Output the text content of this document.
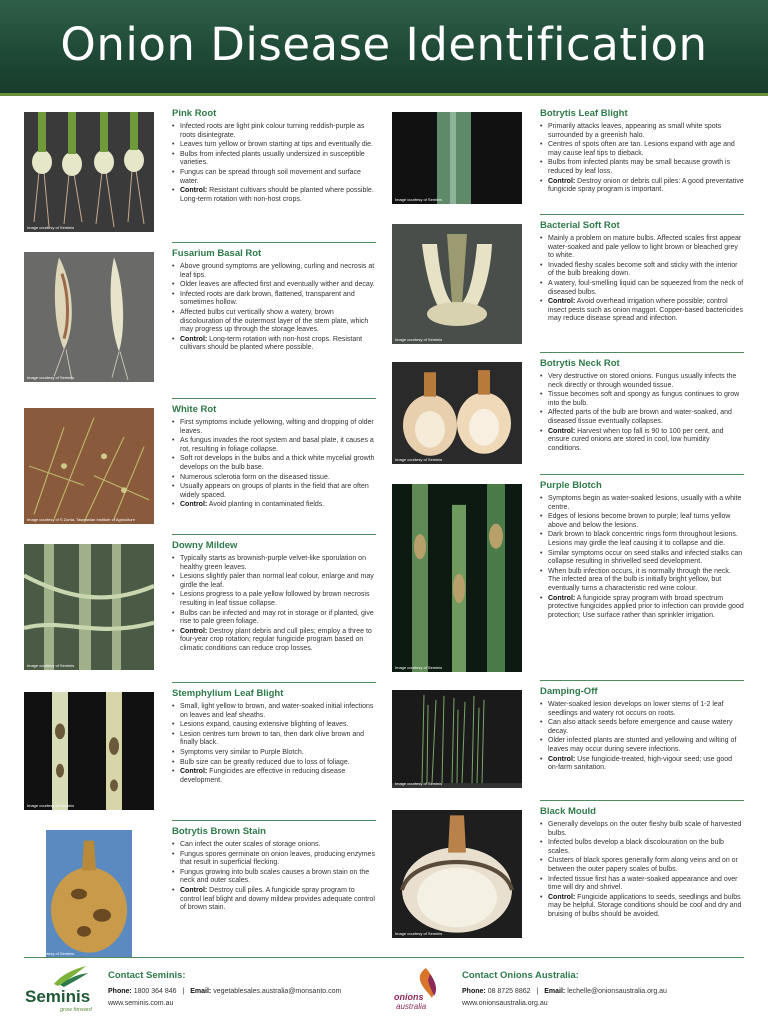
Onion Disease Identification
Image courtesy of Seminis
Pink Root
• Infected roots are light pink colour turning reddish-purple as roots disintegrate.
• Leaves turn yellow or brown starting at tips and eventually die.
• Bulbs from infected plants usually undersized in susceptible varieties.
• Fungus can be spread through soil movement and surface water.
• Control: Resistant cultivars should be planted where possible. Long-term rotation with non-host crops.
Image courtesy of Seminis
Fusarium Basal Rot
• Above ground symptoms are yellowing, curling and necrosis at leaf tips.
• Older leaves are affected first and eventually wither and decay.
• Infected roots are dark brown, flattened, transparent and sometimes hollow.
• Affected bulbs cut vertically show a watery, brown discolouration of the outermost layer of the stem plate, which may progress up through the storage leaves.
• Control: Long-term rotation with non-host crops. Resistant cultivars should be planted where possible.
Image courtesy of S Zonta, Tasmanian Institute of Agriculture
White Rot
• First symptoms include yellowing, wilting and dropping of older leaves.
• As fungus invades the root system and basal plate, it causes a rot, resulting in foliage collapse.
• Soft rot develops in the bulbs and a thick white mycelial growth develops on the bulb base.
• Numerous sclerotia form on the diseased tissue.
• Usually appears on groups of plants in the field that are often widely spaced.
• Control: Avoid planting in contaminated fields.
Image courtesy of Seminis
Downy Mildew
• Typically starts as brownish-purple velvet-like sporulation on healthy green leaves.
• Lesions slightly paler than normal leaf colour, enlarge and may girdle the leaf.
• Lesions progress to a pale yellow followed by brown necrosis resulting in leaf tissue collapse.
• Bulbs can be infected and may rot in storage or if planted, give rise to pale green foliage.
• Control: Destroy plant debris and cull piles; employ a three to four-year crop rotation; regular fungicide program based on climatic conditions can reduce crop losses.
Image courtesy of Seminis
Stemphylium Leaf Blight
• Small, light yellow to brown, and water-soaked initial infections on leaves and leaf sheaths.
• Lesions expand, causing extensive blighting of leaves.
• Lesion centres turn brown to tan, then dark olive brown and finally black.
• Symptoms very similar to Purple Blotch.
• Bulb size can be greatly reduced due to loss of foliage.
• Control: Fungicides are effective in reducing disease development.
Image courtesy of Seminis
Botrytis Brown Stain
• Can infect the outer scales of storage onions.
• Fungus spores germinate on onion leaves, producing enzymes that result in superficial flecking.
• Fungus growing into bulb scales causes a brown stain on the neck and outer scales.
• Control: Destroy cull piles. A fungicide spray program to control leaf blight and downy mildew provides adequate control of brown stain.
Image courtesy of Seminis
Botrytis Leaf Blight
• Primarily attacks leaves, appearing as small white spots surrounded by a greenish halo.
• Centres of spots often are tan. Lesions expand with age and may cause leaf tips to dieback.
• Bulbs from infected plants may be small because growth is reduced by leaf loss.
• Control: Destroy onion or debris cull piles: A good preventative fungicide spray program is important.
Image courtesy of Seminis
Bacterial Soft Rot
• Mainly a problem on mature bulbs. Affected scales first appear water-soaked and pale yellow to light brown or bleached grey to white.
• Invaded fleshy scales become soft and sticky with the interior of the bulb breaking down.
• A watery, foul-smelling liquid can be squeezed from the neck of diseased bulbs.
• Control: Avoid overhead irrigation where possible; control insect pests such as onion maggot. Copper-based bactericides may reduce disease spread and infection.
Image courtesy of Seminis
Botrytis Neck Rot
• Very destructive on stored onions. Fungus usually infects the neck directly or through wounded tissue.
• Tissue becomes soft and spongy as fungus continues to grow into the bulb.
• Affected parts of the bulb are brown and water-soaked, and diseased tissue eventually collapses.
• Control: Harvest when top fall is 90 to 100 per cent, and ensure cured onions are stored in cool, low humidity conditions.
Image courtesy of Seminis
Purple Blotch
• Symptoms begin as water-soaked lesions, usually with a white centre.
• Edges of lesions become brown to purple; leaf turns yellow above and below the lesions.
• Dark brown to black concentric rings form throughout lesions. Lesions may girdle the leaf causing it to collapse and die.
• Similar symptoms occur on seed stalks and infected stalks can collapse resulting in shrivelled seed development.
• When bulb infection occurs, it is normally through the neck. The infected area of the bulb is initially bright yellow, but eventually turns a characteristic red wine colour.
• Control: A fungicide spray program with broad spectrum protective fungicides applied prior to infection can provide good protection; Use surface rather than sprinkler irrigation.
Image courtesy of Seminis
Damping-Off
• Water-soaked lesion develops on lower stems of 1-2 leaf seedlings and watery rot occurs on roots.
• Can also attack seeds before emergence and cause watery decay.
• Older infected plants are stunted and yellowing and wilting of leaves may occur during severe infections.
• Control: Use fungicide-treated, high-vigour seed; use good on-farm sanitation.
Image courtesy of Seminis
Black Mould
• Generally develops on the outer fleshy bulb scale of harvested bulbs.
• Infected bulbs develop a black discolouration on the bulb scales.
• Clusters of black spores generally form along veins and on or between the outer papery scales of bulbs.
• Infected tissue first has a water-soaked appearance and over time will dry and shrivel.
• Control: Fungicide applications to seeds, seedlings and bulbs may be helpful. Storage conditions should be cool and dry and bruising of bulbs should be avoided.
Seminis
grow forward
Contact Seminis:
Phone: 1800 364 846 | Email: vegetablesales.australia@monsanto.com
www.seminis.com.au
onions
australia
Contact Onions Australia:
Phone: 08 8725 8862 | Email: lechelle@onionsaustralia.org.au
www.onionsaustralia.org.au
